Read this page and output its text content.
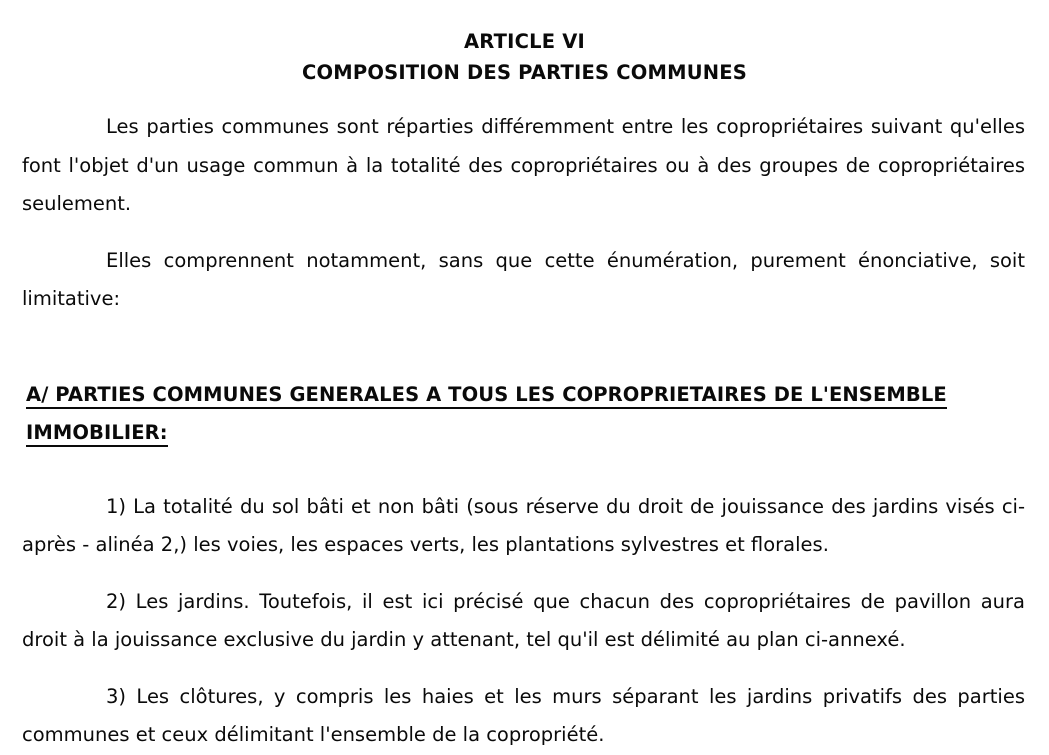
ARTICLE VI
COMPOSITION DES PARTIES COMMUNES

Les parties communes sont réparties différemment entre les copropriétaires suivant qu'elles font l'objet d'un usage commun à la totalité des copropriétaires ou à des groupes de copropriétaires seulement.

Elles comprennent notamment, sans que cette énumération, purement énonciative, soit limitative:

A/ PARTIES COMMUNES GENERALES A TOUS LES COPROPRIETAIRES DE L'ENSEMBLE
IMMOBILIER:

1) La totalité du sol bâti et non bâti (sous réserve du droit de jouissance des jardins visés ci-après - alinéa 2,) les voies, les espaces verts, les plantations sylvestres et florales.

2) Les jardins. Toutefois, il est ici précisé que chacun des copropriétaires de pavillon aura droit à la jouissance exclusive du jardin y attenant, tel qu'il est délimité au plan ci-annexé.

3) Les clôtures, y compris les haies et les murs séparant les jardins privatifs des parties communes et ceux délimitant l'ensemble de la copropriété.
